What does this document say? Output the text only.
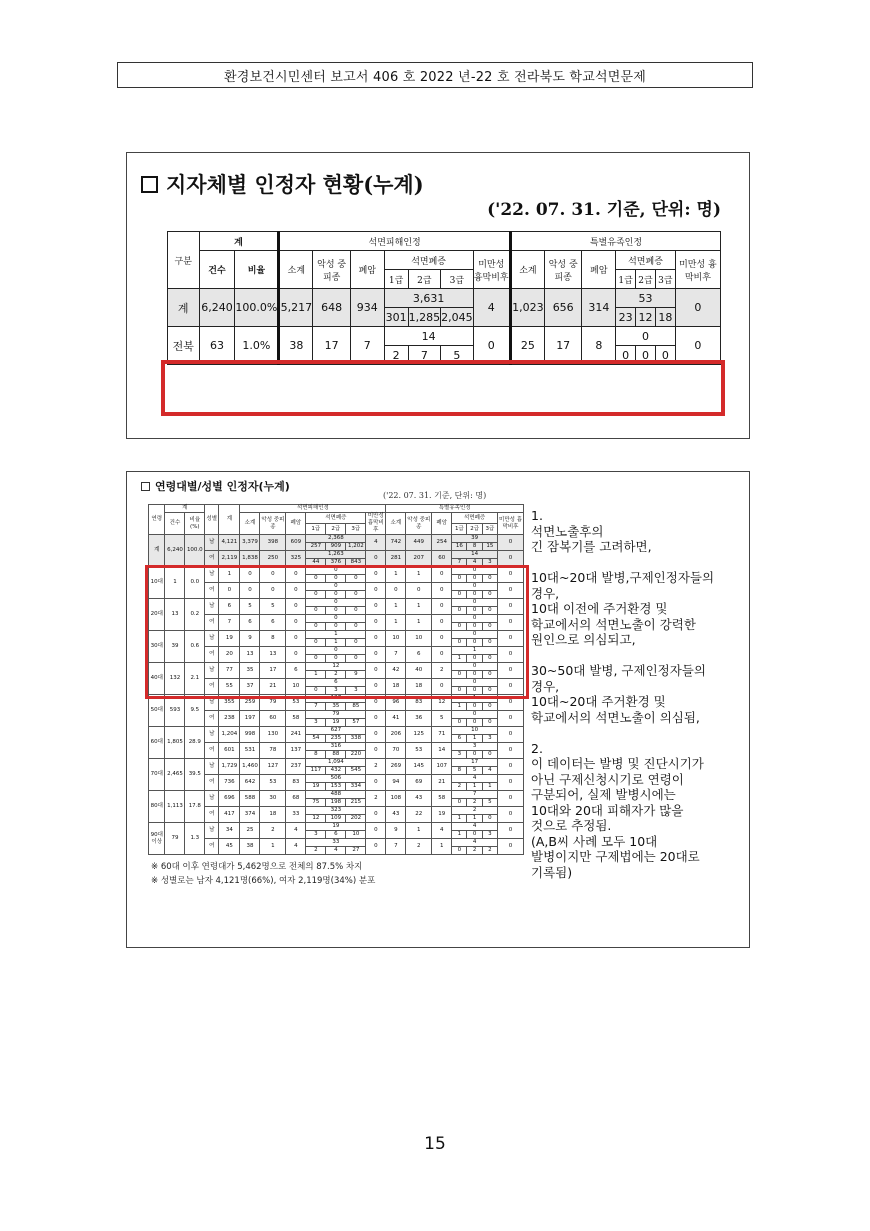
환경보건시민센터 보고서 406 호 2022 년-22 호 전라북도 학교석면문제
지자체별 인정자 현황(누계)
('22. 07. 31. 기준, 단위: 명)
구분	계		석면피해인정							특별유족인정						
	건수	비율	소계	악성 중피종	폐암	석면폐증			미만성 흉막비후	소계	악성 중피종	폐암	석면폐증			미만성 흉막비후
						1급	2급	3급					1급	2급	3급	
계	6,240	100.0%	5,217	648	934	3,631			4	1,023	656	314	53			0
						301	1,285	2,045					23	12	18	
전북	63	1.0%	38	17	7	14			0	25	17	8	0			0
						2	7	5					0	0	0	
연령대별/성별 인정자(누계)
('22. 07. 31. 기준, 단위: 명)
연령	계		성별	계	석면피해인정							특별유족인정						
	건수	비율 (%)			소계	악성 중피종	폐암	석면폐증			미만성 흉막비후	소계	악성 중피종	폐암	석면폐증			미만성 흉막비후
								1급	2급	3급					1급	2급	3급	
계	6,240	100.0	남	4,121	3,379	398	609	2,368			4	742	449	254	39			0
								257	909	1,202					16	8	15	
			여	2,119	1,838	250	325	1,263			0	281	207	60	14			0
								44	376	843					7	4	3	
10대	1	0.0	남	1	0	0	0	0			0	1	1	0	0			0
								0	0	0					0	0	0	
			여	0	0	0	0	0			0	0	0	0	0			0
								0	0	0					0	0	0	
20대	13	0.2	남	6	5	5	0	0			0	1	1	0	0			0
								0	0	0					0	0	0	
			여	7	6	6	0	0			0	1	1	0	0			0
								0	0	0					0	0	0	
30대	39	0.6	남	19	9	8	0	1			0	10	10	0	0			0
								0	1	0					0	0	0	
			여	20	13	13	0	0			0	7	6	0	1			0
								0	0	0					1	0	0	
40대	132	2.1	남	77	35	17	6	12			0	42	40	2	0			0
								1	2	9					0	0	0	
			여	55	37	21	10	6			0	18	18	0	0			0
								0	3	3					0	0	0	
50대	593	9.5	남	355	259	79	53	127			0	96	83	12	1			0
								7	35	85					1	0	0	
			여	238	197	60	58	79			0	41	36	5	0			0
								3	19	57					0	0	0	
60대	1,805	28.9	남	1,204	998	130	241	627			0	206	125	71	10			0
								54	235	338					6	1	3	
			여	601	531	78	137	316			0	70	53	14	3			0
								8	88	220					3	0	0	
70대	2,465	39.5	남	1,729	1,460	127	237	1,094			2	269	145	107	17			0
								117	432	545					8	5	4	
			여	736	642	53	83	506			0	94	69	21	4			0
								19	153	334					2	1	1	
80대	1,113	17.8	남	696	588	30	68	488			2	108	43	58	7			0
								75	198	215					0	2	5	
			여	417	374	18	33	323			0	43	22	19	2			0
								12	109	202					1	1	0	
90대 이상	79	1.3	남	34	25	2	4	19			0	9	1	4	4			0
								3	6	10					1	0	3	
			여	45	38	1	4	33			0	7	2	1	4			0
								2	4	27					0	2	2	
※ 60대 이후 연령대가 5,462명으로 전체의 87.5% 차지
※ 성별로는 남자 4,121명(66%), 여자 2,119명(34%) 분포
1.
석면노출후의
긴 잠복기를 고려하면,

10대~20대 발병,구제인정자들의
경우,
10대 이전에 주거환경 및
학교에서의 석면노출이 강력한
원인으로 의심되고,

30~50대 발병, 구제인정자들의
경우,
10대~20대 주거환경 및
학교에서의 석면노출이 의심됨,

2.
이 데이터는 발병 및 진단시기가
아닌 구제신청시기로 연령이
구분되어, 실제 발병시에는
10대와 20대 피해자가 많을
것으로 추정됨.
(A,B씨 사례 모두 10대
발병이지만 구제법에는 20대로
기록됨)
15
